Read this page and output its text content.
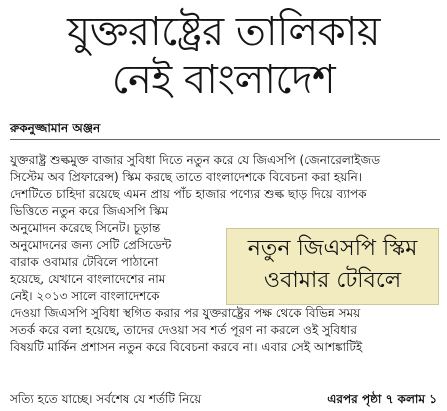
যুক্তরাষ্ট্রের তালিকায়
নেই বাংলাদেশ
রুকনুজ্জামান অঞ্জন
যুক্তরাষ্ট্র শুল্কমুক্ত বাজার সুবিধা দিতে নতুন করে যে জিএসপি (জেনারেলাইজড
সিস্টেম অব প্রিফারেন্স) স্কিম করছে তাতে বাংলাদেশকে বিবেচনা করা হয়নি।
দেশটিতে চাহিদা রয়েছে এমন প্রায় পাঁচ হাজার পণ্যের শুল্ক ছাড় দিয়ে ব্যাপক
ভিত্তিতে নতুন করে জিএসপি স্কিম
অনুমোদন করেছে সিনেট। চূড়ান্ত
অনুমোদনের জন্য সেটি প্রেসিডেন্ট
বারাক ওবামার টেবিলে পাঠানো
হয়েছে, যেখানে বাংলাদেশের নাম
নেই। ২০১৩ সালে বাংলাদেশকে
দেওয়া জিএসপি সুবিধা স্থগিত করার পর যুক্তরাষ্ট্রের পক্ষ থেকে বিভিন্ন সময়
সতর্ক করে বলা হয়েছে, তাদের দেওয়া সব শর্ত পূরণ না করলে ওই সুবিধার
বিষয়টি মার্কিন প্রশাসন নতুন করে বিবেচনা করবে না। এবার সেই আশঙ্কাটিই
সত্যি হতে যাচ্ছে। সর্বশেষ যে শর্তটি নিয়ে
নতুন জিএসপি স্কিম
ওবামার টেবিলে
এরপর পৃষ্ঠা ৭ কলাম ১
